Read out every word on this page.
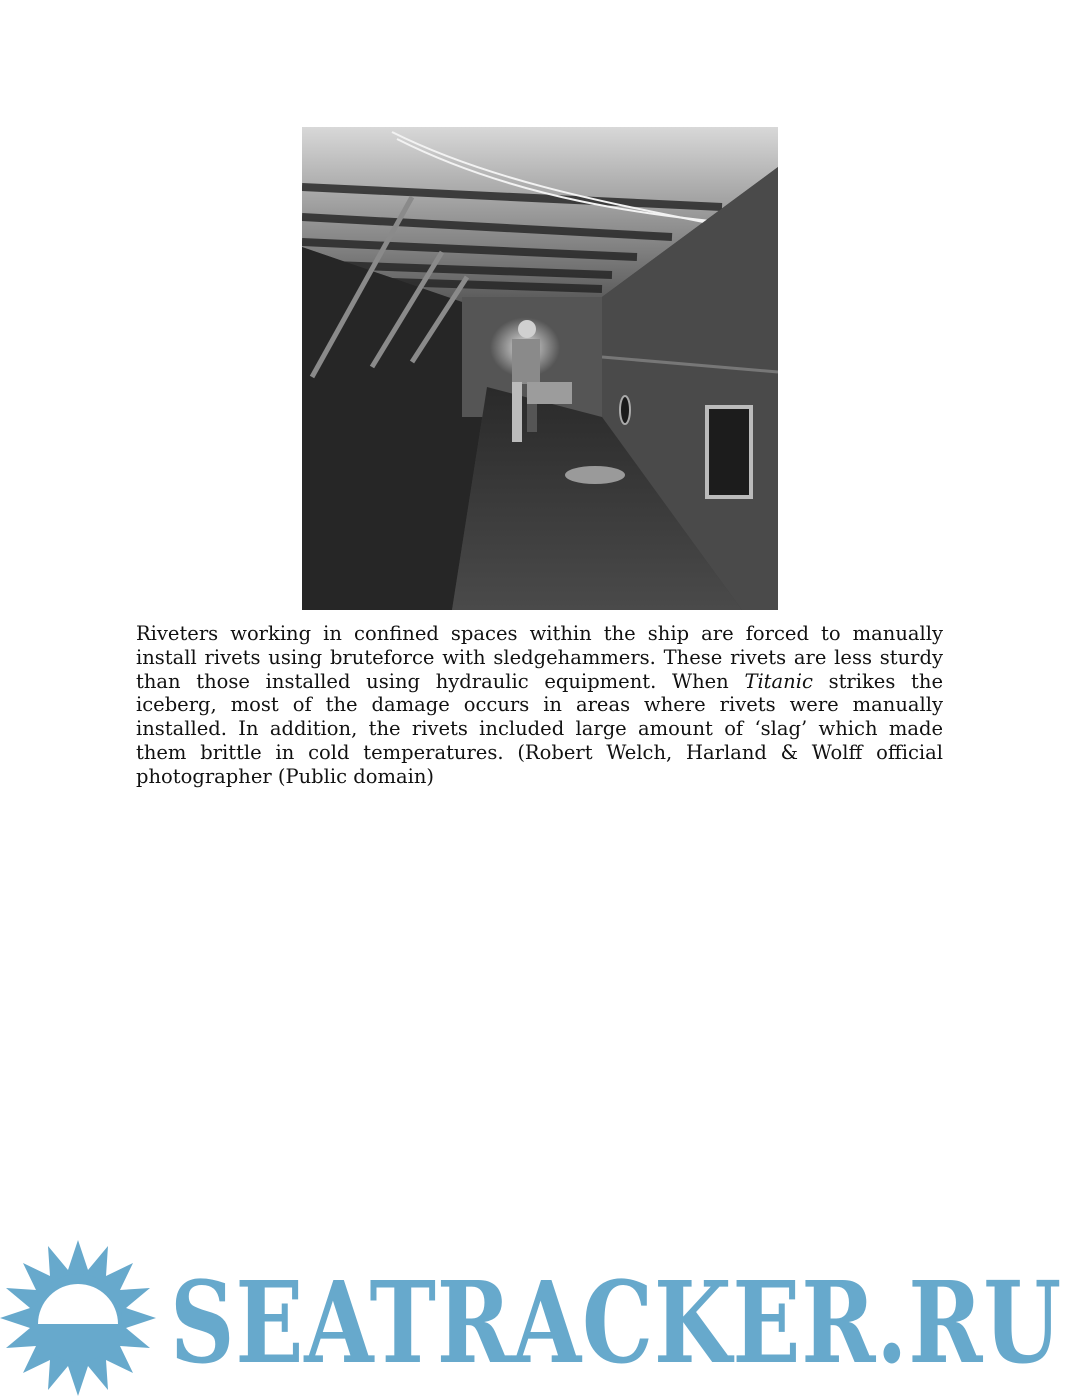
Riveters working in confined spaces within the ship are forced to manually install rivets using bruteforce with sledgehammers. These rivets are less sturdy than those installed using hydraulic equipment. When Titanic strikes the iceberg, most of the damage occurs in areas where rivets were manually installed. In addition, the rivets included large amount of ‘slag’ which made them brittle in cold temperatures. (Robert Welch, Harland & Wolff official photographer (Public domain)

SEATRACKER.RU
